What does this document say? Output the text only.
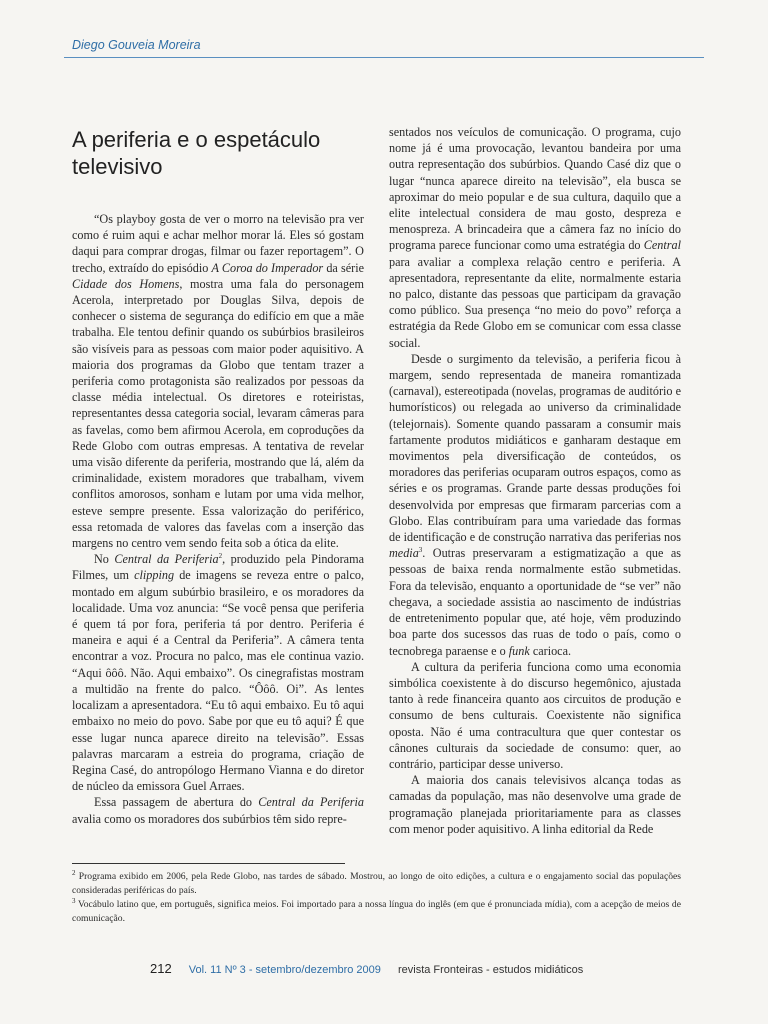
Diego Gouveia Moreira
A periferia e o espetáculo televisivo

“Os playboy gosta de ver o morro na televisão pra ver como é ruim aqui e achar melhor morar lá. Eles só gostam daqui para comprar drogas, filmar ou fazer reportagem”. O trecho, extraído do episódio A Coroa do Imperador da série Cidade dos Homens, mostra uma fala do personagem Acerola, interpretado por Douglas Silva, depois de conhecer o sistema de segurança do edifício em que a mãe trabalha. Ele tentou definir quando os subúrbios brasileiros são visíveis para as pessoas com maior poder aquisitivo. A maioria dos programas da Globo que tentam trazer a periferia como protagonista são realizados por pessoas da classe média intelectual. Os diretores e roteiristas, representantes dessa categoria social, levaram câmeras para as favelas, como bem afirmou Acerola, em coproduções da Rede Globo com outras empresas. A tentativa de revelar uma visão diferente da periferia, mostrando que lá, além da criminalidade, existem moradores que trabalham, vivem conflitos amorosos, sonham e lutam por uma vida melhor, esteve sempre presente. Essa valorização do periférico, essa retomada de valores das favelas com a inserção das margens no centro vem sendo feita sob a ótica da elite.

No Central da Periferia$^2$, produzido pela Pindorama Filmes, um clipping de imagens se reveza entre o palco, montado em algum subúrbio brasileiro, e os moradores da localidade. Uma voz anuncia: “Se você pensa que periferia é quem tá por fora, periferia tá por dentro. Periferia é maneira e aqui é a Central da Periferia”. A câmera tenta encontrar a voz. Procura no palco, mas ele continua vazio. “Aqui ôôô. Não. Aqui embaixo”. Os cinegrafistas mostram a multidão na frente do palco. “Ôôô. Oi”. As lentes localizam a apresentadora. “Eu tô aqui embaixo. Eu tô aqui embaixo no meio do povo. Sabe por que eu tô aqui? É que esse lugar nunca aparece direito na televisão”. Essas palavras marcaram a estreia do programa, criação de Regina Casé, do antropólogo Hermano Vianna e do diretor de núcleo da emissora Guel Arraes.

Essa passagem de abertura do Central da Periferia avalia como os moradores dos subúrbios têm sido repre-

sentados nos veículos de comunicação. O programa, cujo nome já é uma provocação, levantou bandeira por uma outra representação dos subúrbios. Quando Casé diz que o lugar “nunca aparece direito na televisão”, ela busca se aproximar do meio popular e de sua cultura, daquilo que a elite intelectual considera de mau gosto, despreza e menospreza. A brincadeira que a câmera faz no início do programa parece funcionar como uma estratégia do Central para avaliar a complexa relação centro e periferia. A apresentadora, representante da elite, normalmente estaria no palco, distante das pessoas que participam da gravação como público. Sua presença “no meio do povo” reforça a estratégia da Rede Globo em se comunicar com essa classe social.

Desde o surgimento da televisão, a periferia ficou à margem, sendo representada de maneira romantizada (carnaval), estereotipada (novelas, programas de auditório e humorísticos) ou relegada ao universo da criminalidade (telejornais). Somente quando passaram a consumir mais fartamente produtos midiáticos e ganharam destaque em movimentos pela diversificação de conteúdos, os moradores das periferias ocuparam outros espaços, como as séries e os programas. Grande parte dessas produções foi desenvolvida por empresas que firmaram parcerias com a Globo. Elas contribuíram para uma variedade das formas de identificação e de construção narrativa das periferias nos media$^3$. Outras preservaram a estigmatização a que as pessoas de baixa renda normalmente estão submetidas. Fora da televisão, enquanto a oportunidade de “se ver” não chegava, a sociedade assistia ao nascimento de indústrias de entretenimento popular que, até hoje, vêm produzindo boa parte dos sucessos das ruas de todo o país, como o tecnobrega paraense e o funk carioca.

A cultura da periferia funciona como uma economia simbólica coexistente à do discurso hegemônico, ajustada tanto à rede financeira quanto aos circuitos de produção e consumo de bens culturais. Coexistente não significa oposta. Não é uma contracultura que quer contestar os cânones culturais da sociedade de consumo: quer, ao contrário, participar desse universo.

A maioria dos canais televisivos alcança todas as camadas da população, mas não desenvolve uma grade de programação planejada prioritariamente para as classes com menor poder aquisitivo. A linha editorial da Rede

$^2$ Programa exibido em 2006, pela Rede Globo, nas tardes de sábado. Mostrou, ao longo de oito edições, a cultura e o engajamento social das populações consideradas periféricas do país.

$^3$ Vocábulo latino que, em português, significa meios. Foi importado para a nossa língua do inglês (em que é pronunciada mídia), com a acepção de meios de comunicação.

212 Vol. 11 Nº 3 - setembro/dezembro 2009 revista Fronteiras - estudos midiáticos
